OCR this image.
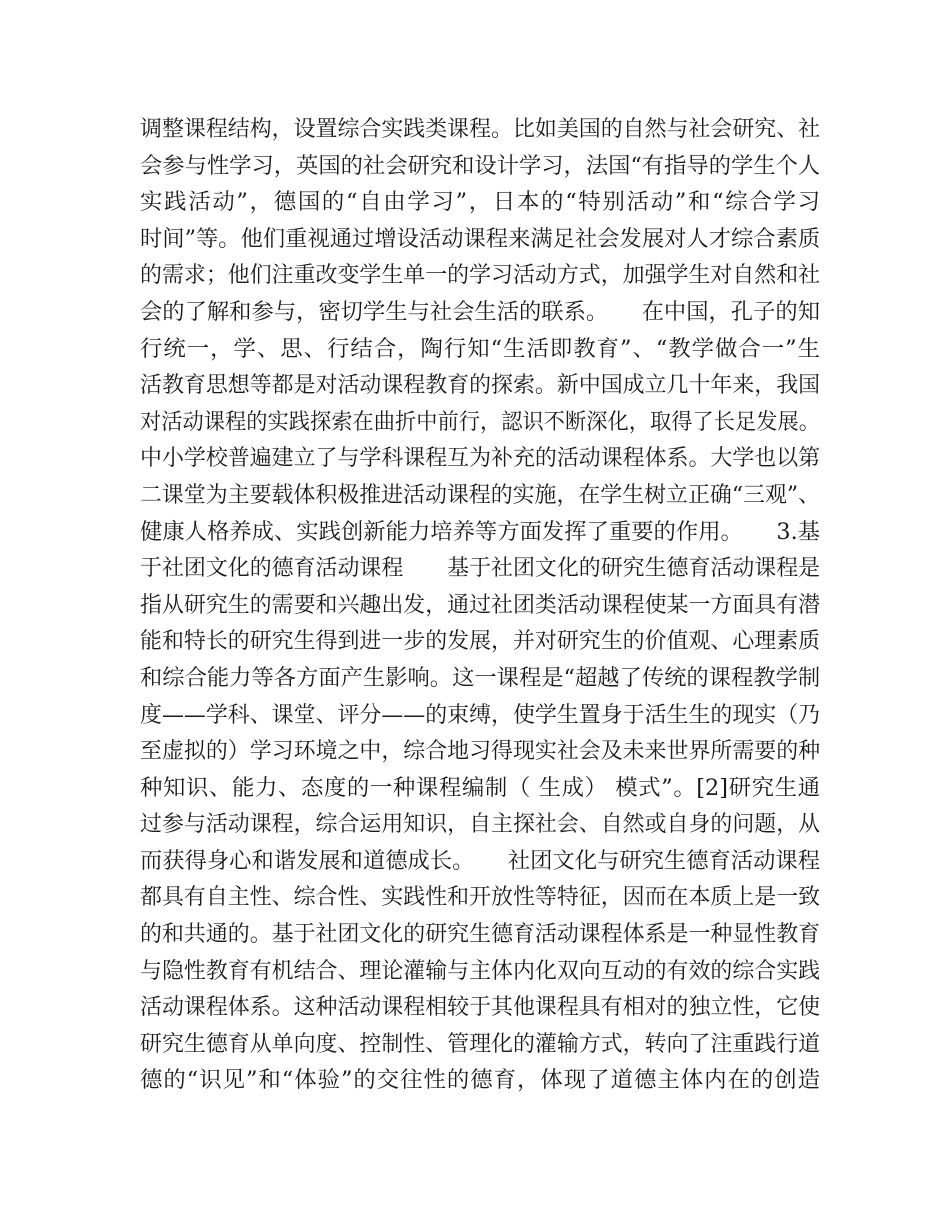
调整课程结构，设置综合实践类课程。比如美国的自然与社会研究、社
会参与性学习，英国的社会研究和设计学习，法国“有指导的学生个人
实践活动”，德国的“自由学习”，日本的“特别活动”和“综合学习
时间”等。他们重视通过增设活动课程来满足社会发展对人才综合素质
的需求；他们注重改变学生单一的学习活动方式，加强学生对自然和社
会的了解和参与，密切学生与社会生活的联系。　　在中国，孔子的知
行统一，学、思、行结合，陶行知“生活即教育”、“教学做合一”生
活教育思想等都是对活动课程教育的探索。新中国成立几十年来，我国
对活动课程的实践探索在曲折中前行，認识不断深化，取得了长足发展。
中小学校普遍建立了与学科课程互为补充的活动课程体系。大学也以第
二课堂为主要载体积极推进活动课程的实施，在学生树立正确“三观”、
健康人格养成、实践创新能力培养等方面发挥了重要的作用。　　3.基
于社团文化的德育活动课程　　基于社团文化的研究生德育活动课程是
指从研究生的需要和兴趣出发，通过社团类活动课程使某一方面具有潜
能和特长的研究生得到进一步的发展，并对研究生的价值观、心理素质
和综合能力等各方面产生影响。这一课程是“超越了传统的课程教学制
度——学科、课堂、评分——的束缚，使学生置身于活生生的现实（乃
至虚拟的）学习环境之中，综合地习得现实社会及未来世界所需要的种
种知识、能力、态度的一种课程编制（ 生成） 模式”。[2]研究生通
过参与活动课程，综合运用知识，自主探社会、自然或自身的问题，从
而获得身心和谐发展和道德成长。　　社团文化与研究生德育活动课程
都具有自主性、综合性、实践性和开放性等特征，因而在本质上是一致
的和共通的。基于社团文化的研究生德育活动课程体系是一种显性教育
与隐性教育有机结合、理论灌输与主体内化双向互动的有效的综合实践
活动课程体系。这种活动课程相较于其他课程具有相对的独立性，它使
研究生德育从单向度、控制性、管理化的灌输方式，转向了注重践行道
德的“识见”和“体验”的交往性的德育，体现了道德主体内在的创造
